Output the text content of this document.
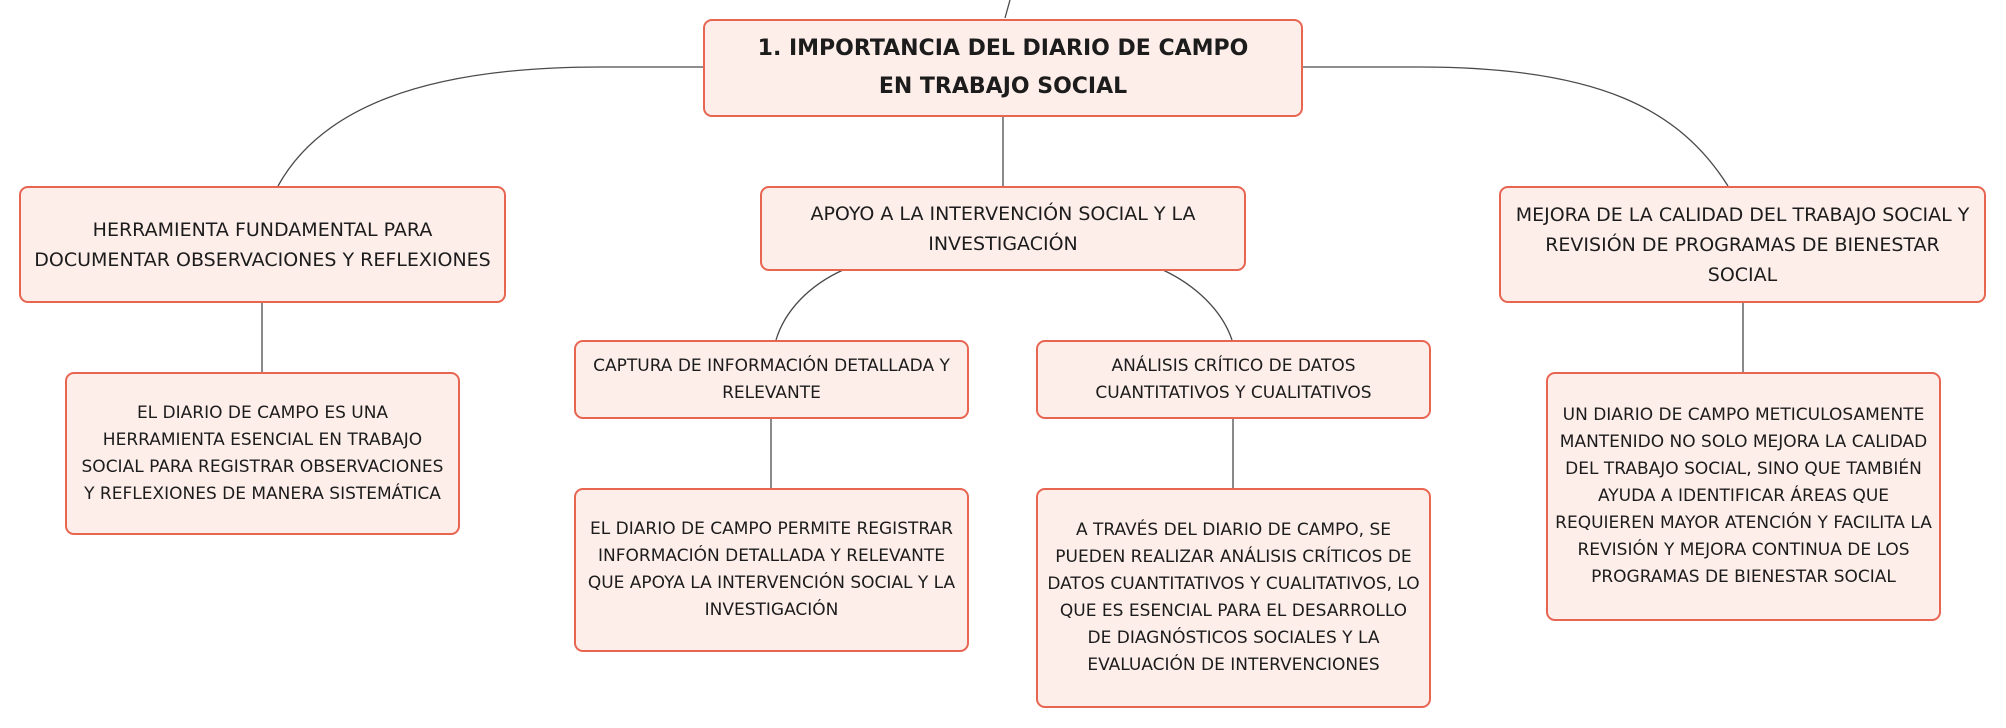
1. IMPORTANCIA DEL DIARIO DE CAMPO EN TRABAJO SOCIAL
HERRAMIENTA FUNDAMENTAL PARA DOCUMENTAR OBSERVACIONES Y REFLEXIONES
APOYO A LA INTERVENCIÓN SOCIAL Y LA INVESTIGACIÓN
MEJORA DE LA CALIDAD DEL TRABAJO SOCIAL Y REVISIÓN DE PROGRAMAS DE BIENESTAR SOCIAL
EL DIARIO DE CAMPO ES UNA HERRAMIENTA ESENCIAL EN TRABAJO SOCIAL PARA REGISTRAR OBSERVACIONES Y REFLEXIONES DE MANERA SISTEMÁTICA
CAPTURA DE INFORMACIÓN DETALLADA Y RELEVANTE
ANÁLISIS CRÍTICO DE DATOS CUANTITATIVOS Y CUALITATIVOS
EL DIARIO DE CAMPO PERMITE REGISTRAR INFORMACIÓN DETALLADA Y RELEVANTE QUE APOYA LA INTERVENCIÓN SOCIAL Y LA INVESTIGACIÓN
A TRAVÉS DEL DIARIO DE CAMPO, SE PUEDEN REALIZAR ANÁLISIS CRÍTICOS DE DATOS CUANTITATIVOS Y CUALITATIVOS, LO QUE ES ESENCIAL PARA EL DESARROLLO DE DIAGNÓSTICOS SOCIALES Y LA EVALUACIÓN DE INTERVENCIONES
UN DIARIO DE CAMPO METICULOSAMENTE MANTENIDO NO SOLO MEJORA LA CALIDAD DEL TRABAJO SOCIAL, SINO QUE TAMBIÉN AYUDA A IDENTIFICAR ÁREAS QUE REQUIEREN MAYOR ATENCIÓN Y FACILITA LA REVISIÓN Y MEJORA CONTINUA DE LOS PROGRAMAS DE BIENESTAR SOCIAL
